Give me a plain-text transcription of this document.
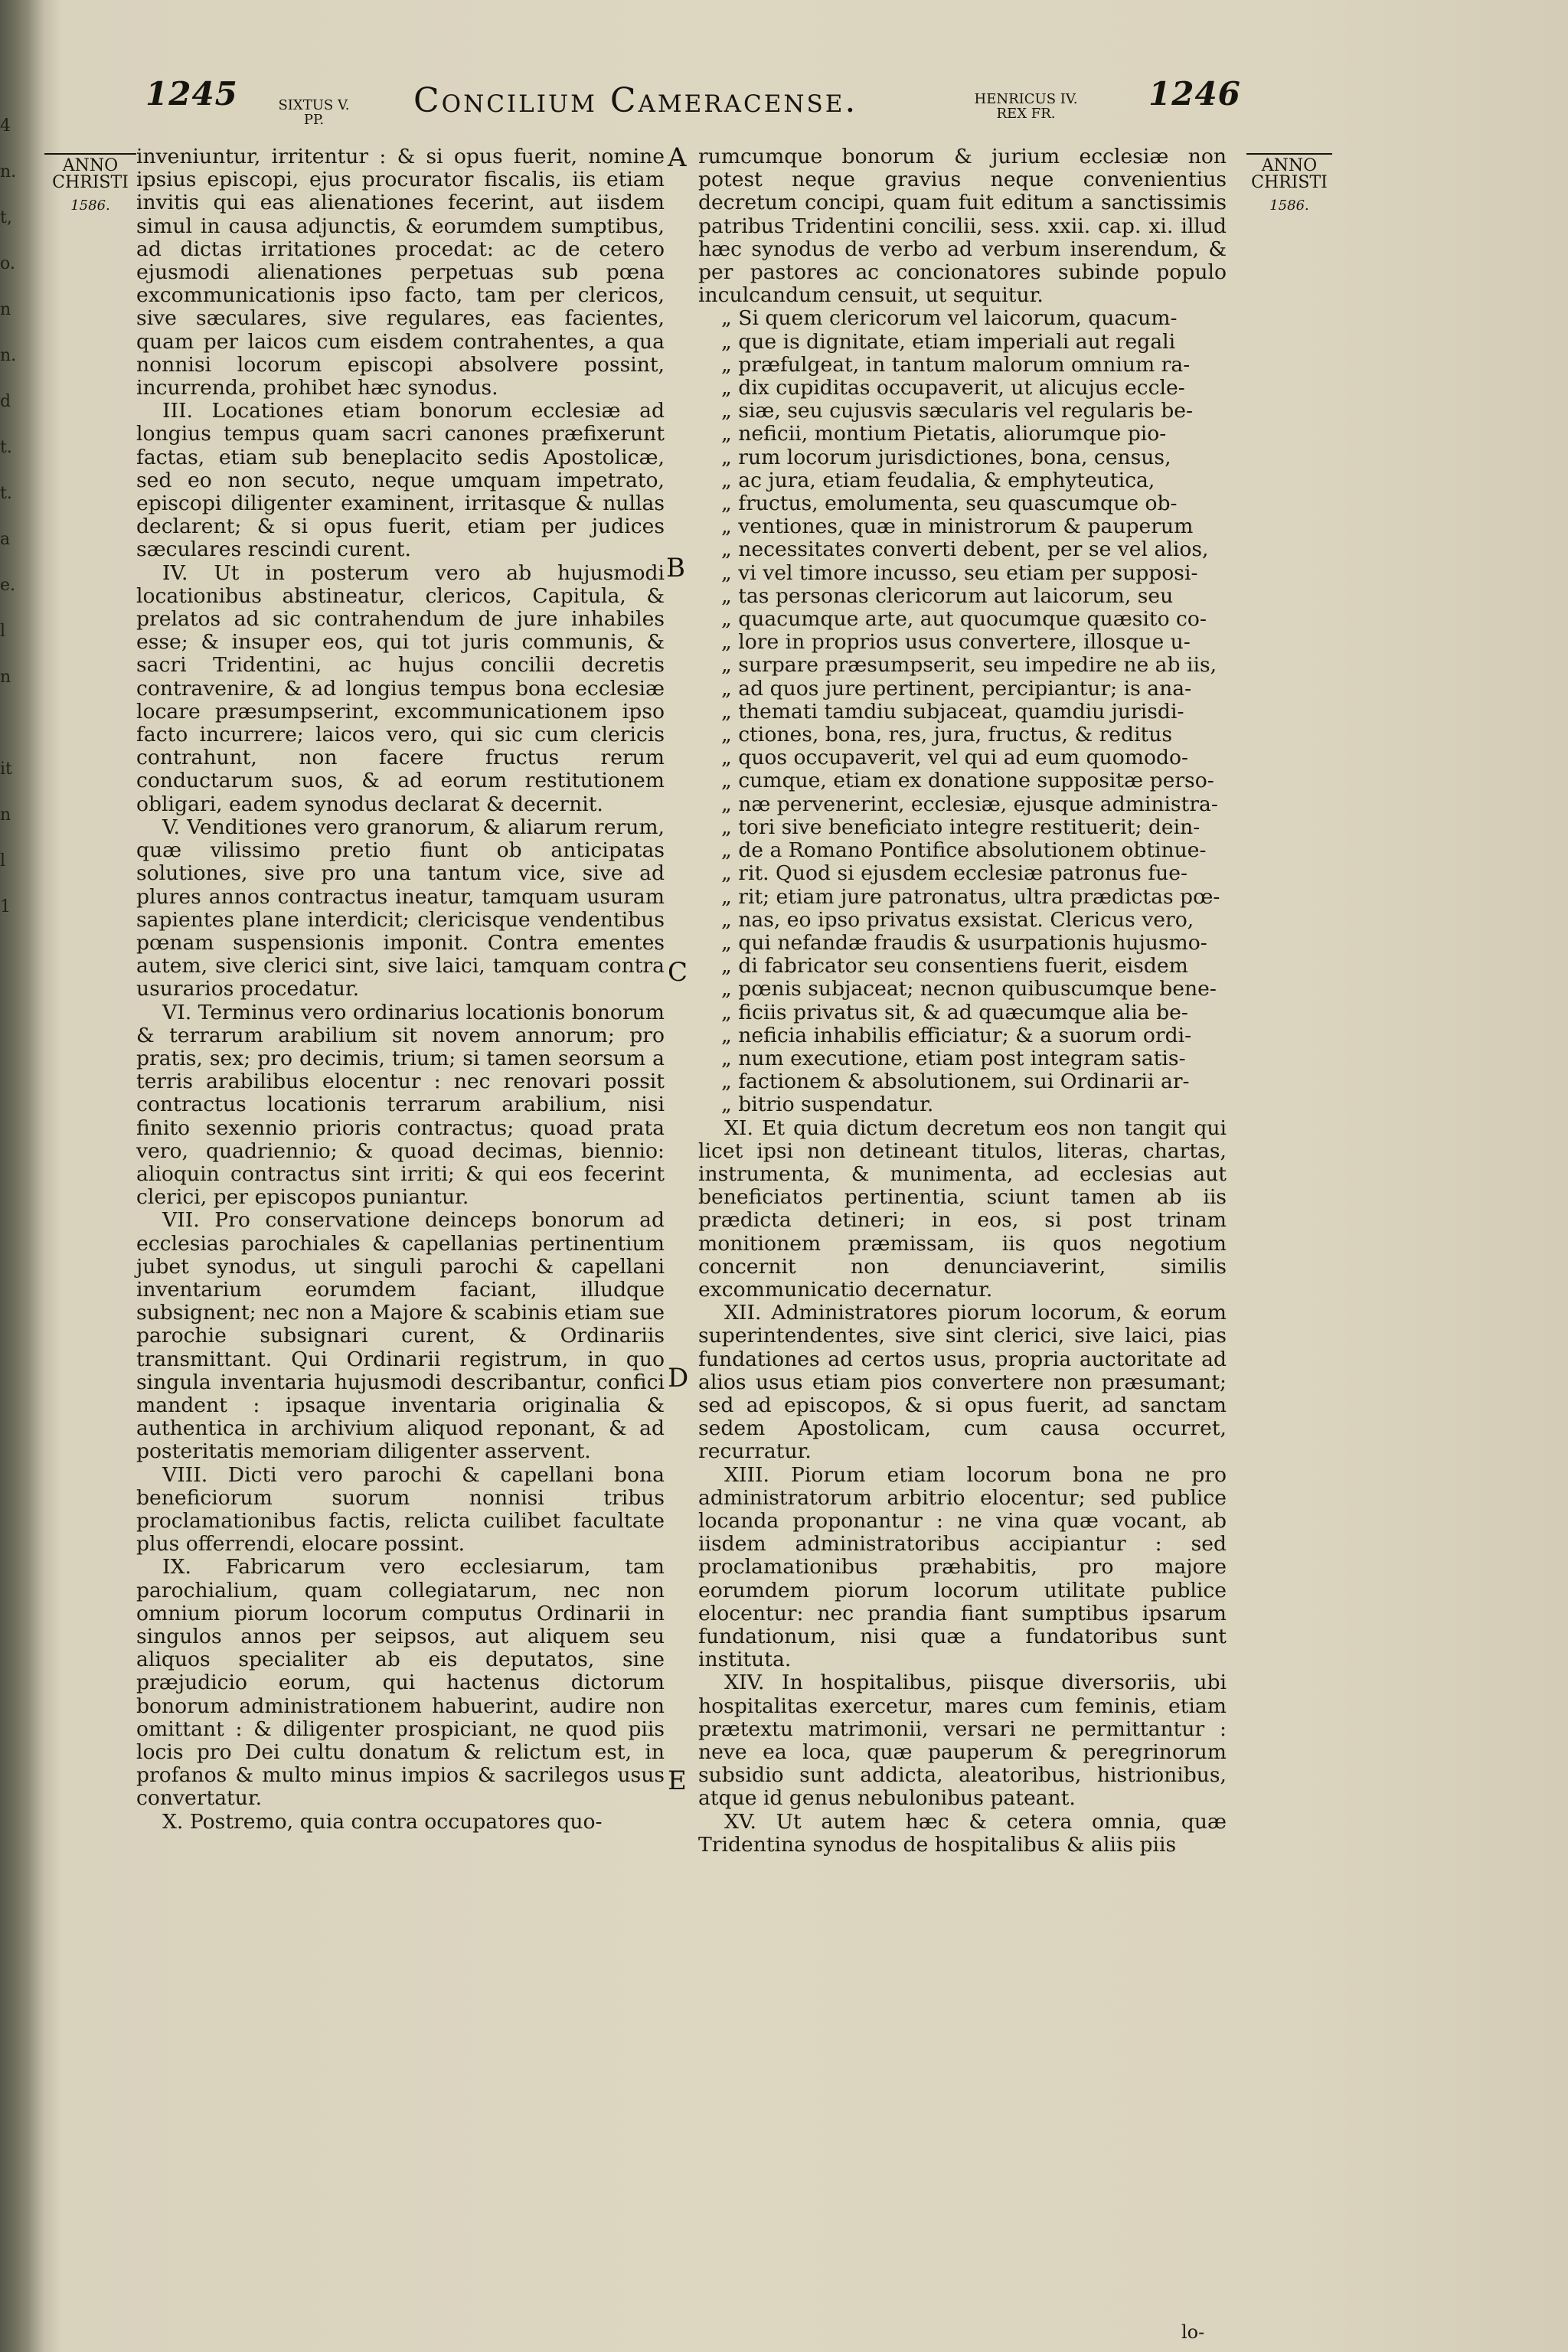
4
n.
t,
o.
n
n.
d
t.
t.
a
e.
l
n
it
n
l
1
1245	SIXTUS V.
PP.	Concilium Cameracense.	HENRICUS IV.
REX FR.
1246
ANNO
CHRISTI
1586.
ANNO
CHRISTI
1586.

inveniuntur, irritentur : & si opus fuerit, nomine ipsius episcopi, ejus procurator fiscalis, iis etiam invitis qui eas alienationes fecerint, aut iisdem simul in causa adjunctis, & eorumdem sumptibus, ad dictas irritationes procedat: ac de cetero ejusmodi alienationes perpetuas sub pœna excommunicationis ipso facto, tam per clericos, sive sæculares, sive regulares, eas facientes, quam per laicos cum eisdem contrahentes, a qua nonnisi locorum episcopi absolvere possint, incurrenda, prohibet hæc synodus.

III. Locationes etiam bonorum ecclesiæ ad longius tempus quam sacri canones præfixerunt factas, etiam sub beneplacito sedis Apostolicæ, sed eo non secuto, neque umquam impetrato, episcopi diligenter examinent, irritasque & nullas declarent; & si opus fuerit, etiam per judices sæculares rescindi curent.

IV. Ut in posterum vero ab hujusmodi locationibus abstineatur, clericos, Capitula, & prelatos ad sic contrahendum de jure inhabiles esse; & insuper eos, qui tot juris communis, & sacri Tridentini, ac hujus concilii decretis contravenire, & ad longius tempus bona ecclesiæ locare præsumpserint, excommunicationem ipso facto incurrere; laicos vero, qui sic cum clericis contrahunt, non facere fructus rerum conductarum suos, & ad eorum restitutionem obligari, eadem synodus declarat & decernit.

V. Venditiones vero granorum, & aliarum rerum, quæ vilissimo pretio fiunt ob anticipatas solutiones, sive pro una tantum vice, sive ad plures annos contractus ineatur, tamquam usuram sapientes plane interdicit; clericisque vendentibus pœnam suspensionis imponit. Contra ementes autem, sive clerici sint, sive laici, tamquam contra usurarios procedatur.

VI. Terminus vero ordinarius locationis bonorum & terrarum arabilium sit novem annorum; pro pratis, sex; pro decimis, trium; si tamen seorsum a terris arabilibus elocentur : nec renovari possit contractus locationis terrarum arabilium, nisi finito sexennio prioris contractus; quoad prata vero, quadriennio; & quoad decimas, biennio: alioquin contractus sint irriti; & qui eos fecerint clerici, per episcopos puniantur.

VII. Pro conservatione deinceps bonorum ad ecclesias parochiales & capellanias pertinentium jubet synodus, ut singuli parochi & capellani inventarium eorumdem faciant, illudque subsignent; nec non a Majore & scabinis etiam sue parochie subsignari curent, & Ordinariis transmittant. Qui Ordinarii registrum, in quo singula inventaria hujusmodi describantur, confici mandent : ipsaque inventaria originalia & authentica in archivium aliquod reponant, & ad posteritatis memoriam diligenter asservent.

VIII. Dicti vero parochi & capellani bona beneficiorum suorum nonnisi tribus proclamationibus factis, relicta cuilibet facultate plus offerrendi, elocare possint.

IX. Fabricarum vero ecclesiarum, tam parochialium, quam collegiatarum, nec non omnium piorum locorum computus Ordinarii in singulos annos per seipsos, aut aliquem seu aliquos specialiter ab eis deputatos, sine præjudicio eorum, qui hactenus dictorum bonorum administrationem habuerint, audire non omittant : & diligenter prospiciant, ne quod piis locis pro Dei cultu donatum & relictum est, in profanos & multo minus impios & sacrilegos usus convertatur.

X. Postremo, quia contra occupatores quo-

A
B
C
D
E

rumcumque bonorum & jurium ecclesiæ non potest neque gravius neque convenientius decretum concipi, quam fuit editum a sanctissimis patribus Tridentini concilii, sess. xxii. cap. xi. illud hæc synodus de verbo ad verbum inserendum, & per pastores ac concionatores subinde populo inculcandum censuit, ut sequitur.

„ Si quem clericorum vel laicorum, quacum-
„ que is dignitate, etiam imperiali aut regali
„ præfulgeat, in tantum malorum omnium ra-
„ dix cupiditas occupaverit, ut alicujus eccle-
„ siæ, seu cujusvis sæcularis vel regularis be-
„ neficii, montium Pietatis, aliorumque pio-
„ rum locorum jurisdictiones, bona, census,
„ ac jura, etiam feudalia, & emphyteutica,
„ fructus, emolumenta, seu quascumque ob-
„ ventiones, quæ in ministrorum & pauperum
„ necessitates converti debent, per se vel alios,
„ vi vel timore incusso, seu etiam per supposi-
„ tas personas clericorum aut laicorum, seu
„ quacumque arte, aut quocumque quæsito co-
„ lore in proprios usus convertere, illosque u-
„ surpare præsumpserit, seu impedire ne ab iis,
„ ad quos jure pertinent, percipiantur; is ana-
„ themati tamdiu subjaceat, quamdiu jurisdi-
„ ctiones, bona, res, jura, fructus, & reditus
„ quos occupaverit, vel qui ad eum quomodo-
„ cumque, etiam ex donatione suppositæ perso-
„ næ pervenerint, ecclesiæ, ejusque administra-
„ tori sive beneficiato integre restituerit; dein-
„ de a Romano Pontifice absolutionem obtinue-
„ rit. Quod si ejusdem ecclesiæ patronus fue-
„ rit; etiam jure patronatus, ultra prædictas pœ-
„ nas, eo ipso privatus exsistat. Clericus vero,
„ qui nefandæ fraudis & usurpationis hujusmo-
„ di fabricator seu consentiens fuerit, eisdem
„ pœnis subjaceat; necnon quibuscumque bene-
„ ficiis privatus sit, & ad quæcumque alia be-
„ neficia inhabilis efficiatur; & a suorum ordi-
„ num executione, etiam post integram satis-
„ factionem & absolutionem, sui Ordinarii ar-
„ bitrio suspendatur.

XI. Et quia dictum decretum eos non tangit qui licet ipsi non detineant titulos, literas, chartas, instrumenta, & munimenta, ad ecclesias aut beneficiatos pertinentia, sciunt tamen ab iis prædicta detineri; in eos, si post trinam monitionem præmissam, iis quos negotium concernit non denunciaverint, similis excommunicatio decernatur.

XII. Administratores piorum locorum, & eorum superintendentes, sive sint clerici, sive laici, pias fundationes ad certos usus, propria auctoritate ad alios usus etiam pios convertere non præsumant; sed ad episcopos, & si opus fuerit, ad sanctam sedem Apostolicam, cum causa occurret, recurratur.

XIII. Piorum etiam locorum bona ne pro administratorum arbitrio elocentur; sed publice locanda proponantur : ne vina quæ vocant, ab iisdem administratoribus accipiantur : sed proclamationibus præhabitis, pro majore eorumdem piorum locorum utilitate publice elocentur: nec prandia fiant sumptibus ipsarum fundationum, nisi quæ a fundatoribus sunt instituta.

XIV. In hospitalibus, piisque diversoriis, ubi hospitalitas exercetur, mares cum feminis, etiam prætextu matrimonii, versari ne permittantur : neve ea loca, quæ pauperum & peregrinorum subsidio sunt addicta, aleatoribus, histrionibus, atque id genus nebulonibus pateant.

XV. Ut autem hæc & cetera omnia, quæ Tridentina synodus de hospitalibus & aliis piis

lo-
